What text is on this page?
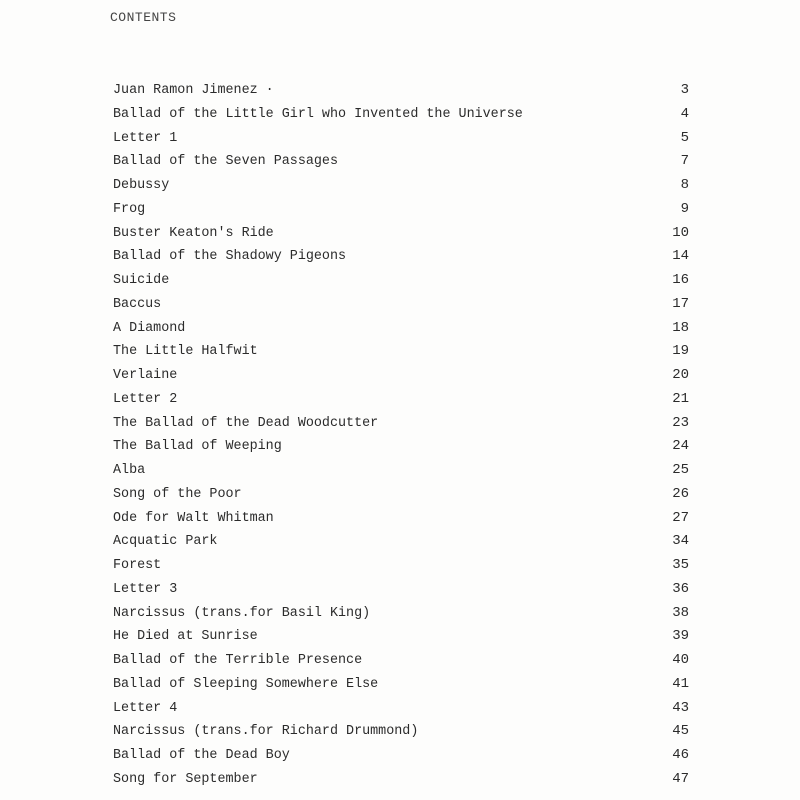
CONTENTS
Juan Ramon Jimenez ·	3
Ballad of the Little Girl who Invented the Universe	4
Letter 1	5
Ballad of the Seven Passages	7
Debussy	8
Frog	9
Buster Keaton's Ride	10
Ballad of the Shadowy Pigeons	14
Suicide	16
Baccus	17
A Diamond	18
The Little Halfwit	19
Verlaine	20
Letter 2	21
The Ballad of the Dead Woodcutter	23
The Ballad of Weeping	24
Alba	25
Song of the Poor	26
Ode for Walt Whitman	27
Acquatic Park	34
Forest	35
Letter 3	36
Narcissus (trans.for Basil King)	38
He Died at Sunrise	39
Ballad of the Terrible Presence	40
Ballad of Sleeping Somewhere Else	41
Letter 4	43
Narcissus (trans.for Richard Drummond)	45
Ballad of the Dead Boy	46
Song for September	47
